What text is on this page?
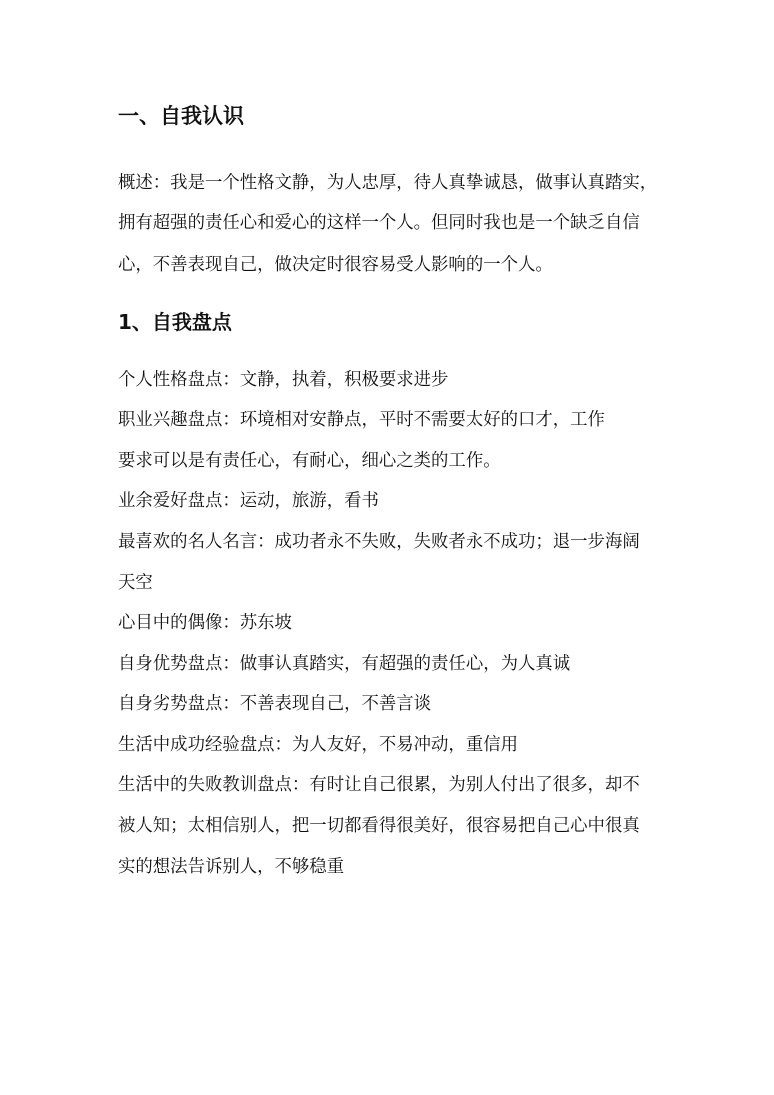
一、自我认识

概述：我是一个性格文静，为人忠厚，待人真挚诚恳，做事认真踏实，

拥有超强的责任心和爱心的这样一个人。但同时我也是一个缺乏自信

心，不善表现自己，做决定时很容易受人影响的一个人。

1、自我盘点

个人性格盘点：文静，执着，积极要求进步

职业兴趣盘点：环境相对安静点，平时不需要太好的口才，工作

要求可以是有责任心，有耐心，细心之类的工作。

业余爱好盘点：运动，旅游，看书

最喜欢的名人名言：成功者永不失败，失败者永不成功；退一步海阔

天空

心目中的偶像：苏东坡

自身优势盘点：做事认真踏实，有超强的责任心，为人真诚

自身劣势盘点：不善表现自己，不善言谈

生活中成功经验盘点：为人友好，不易冲动，重信用

生活中的失败教训盘点：有时让自己很累，为别人付出了很多，却不

被人知；太相信别人，把一切都看得很美好，很容易把自己心中很真

实的想法告诉别人，不够稳重
